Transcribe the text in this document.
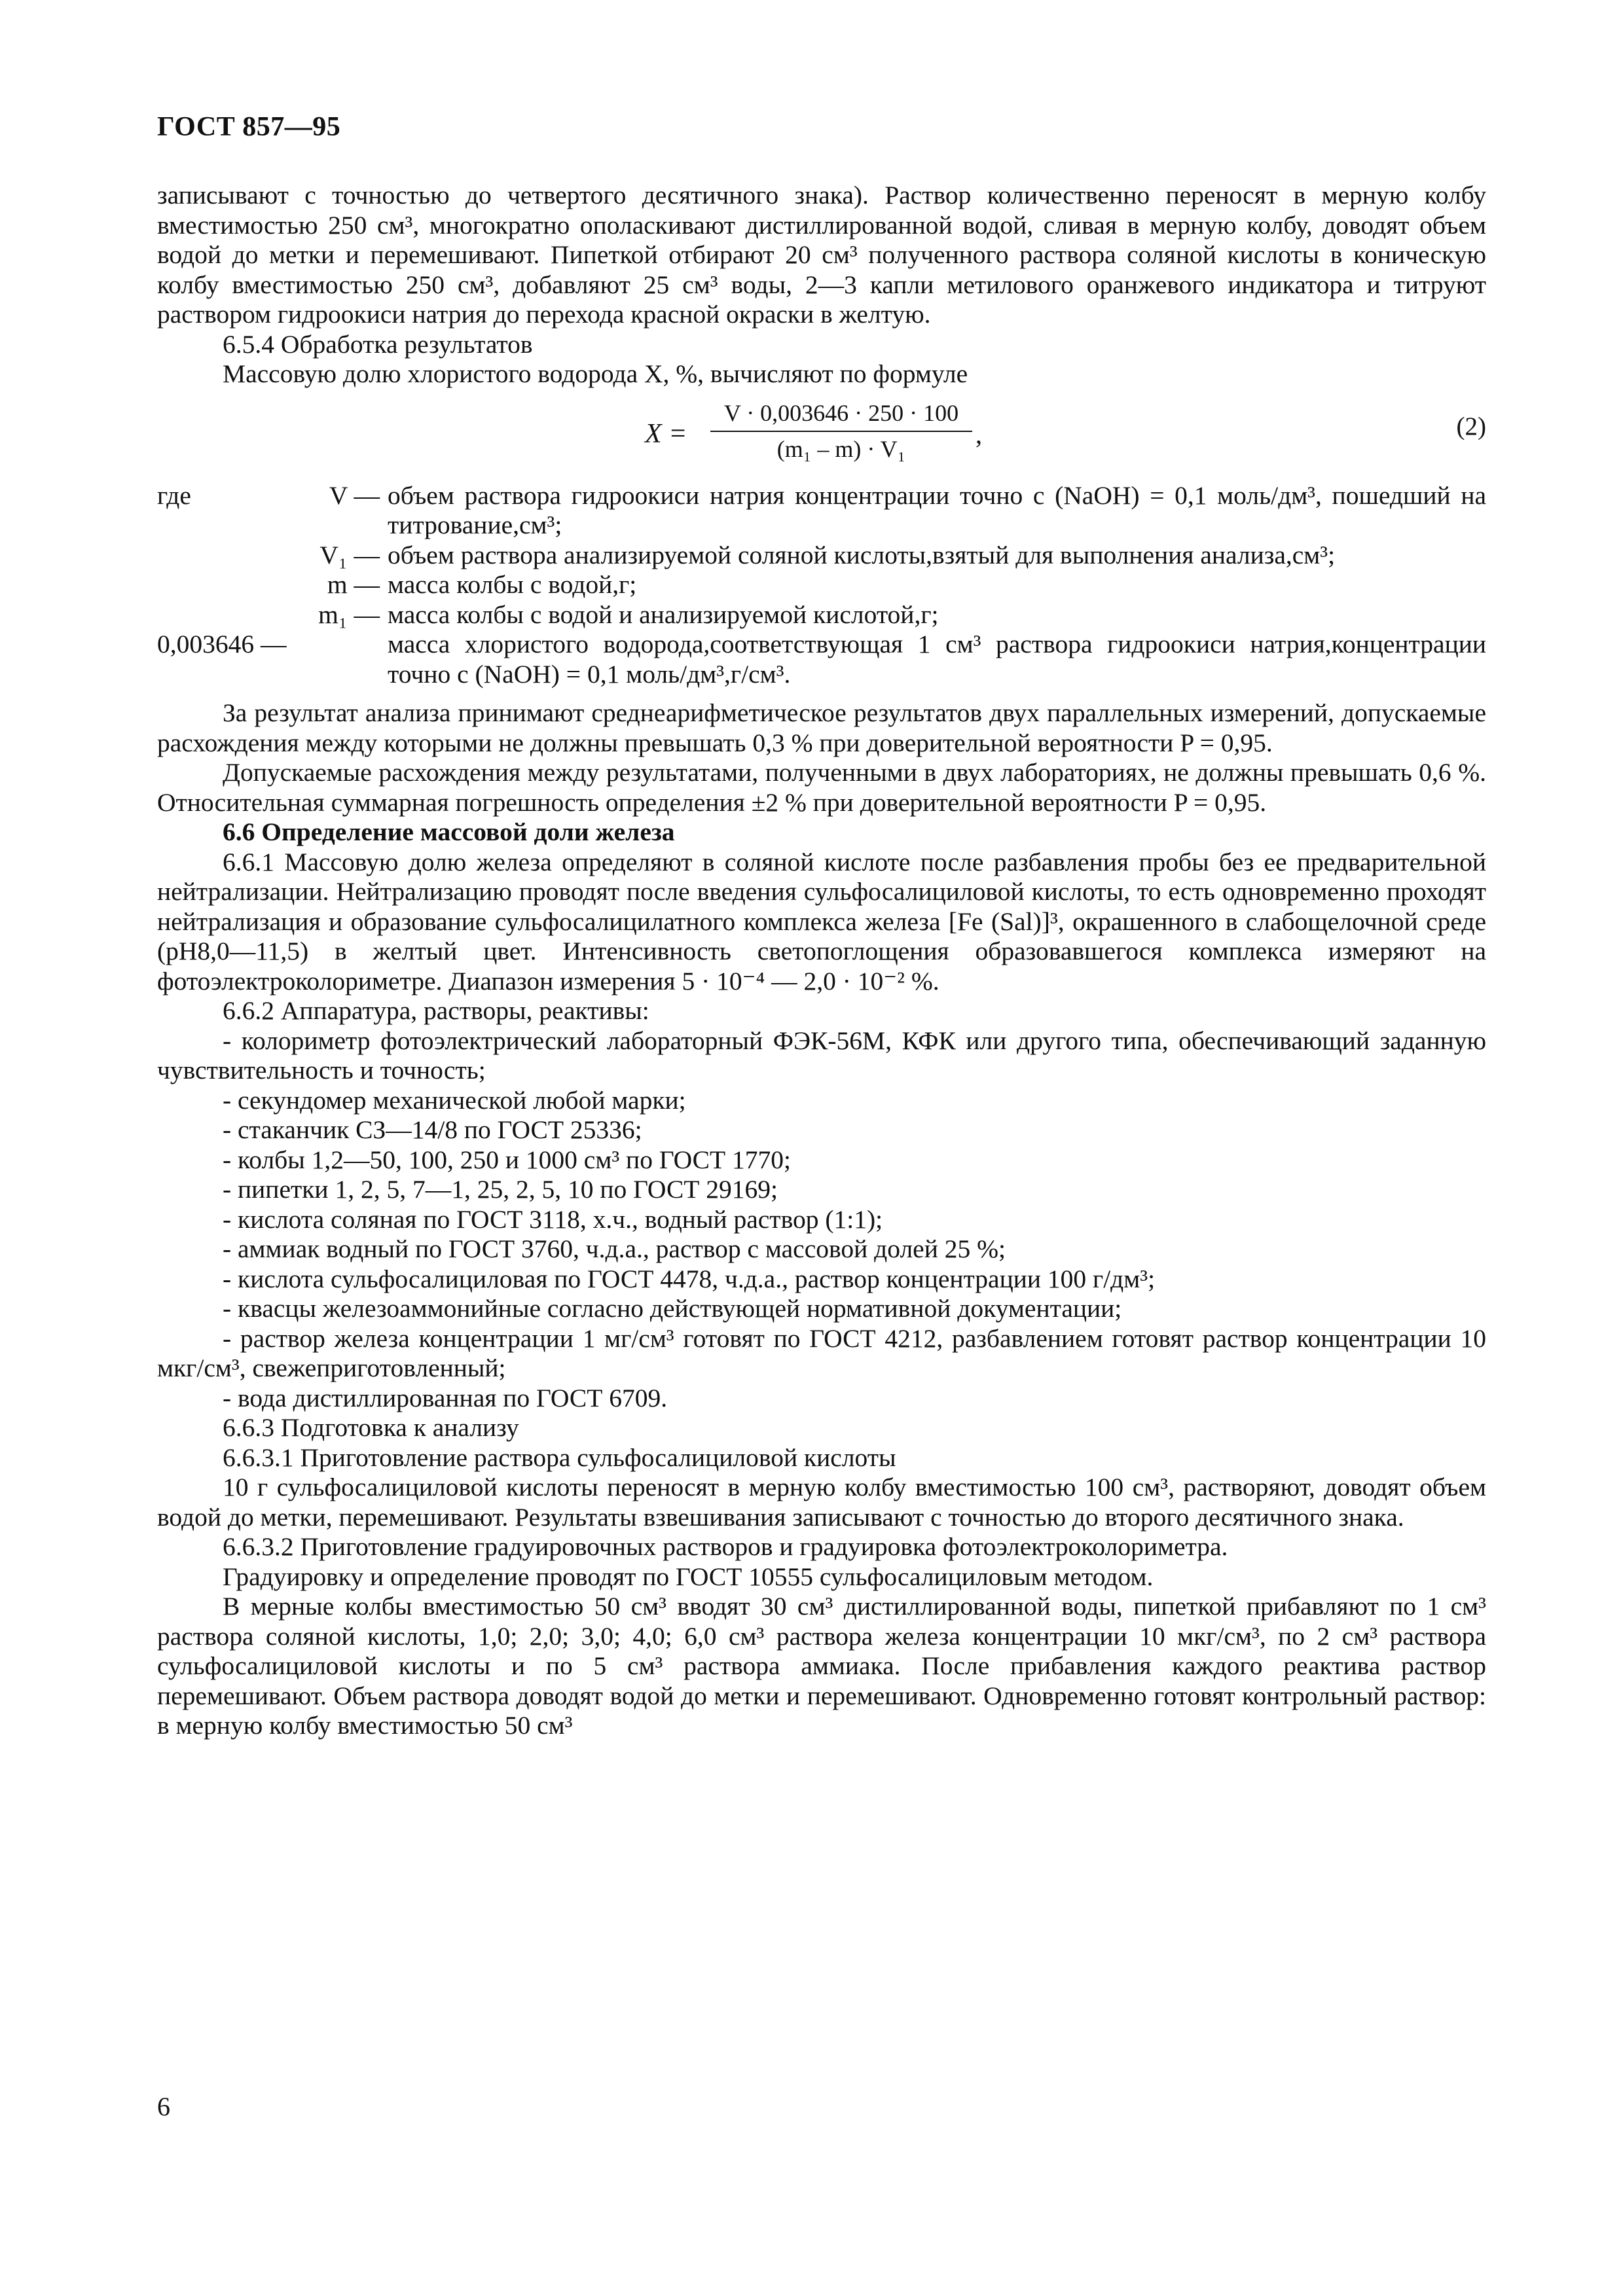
ГОСТ 857—95

записывают с точностью до четвертого десятичного знака). Раствор количественно переносят в мерную колбу вместимостью 250 см³, многократно ополаскивают дистиллированной водой, сливая в мерную колбу, доводят объем водой до метки и перемешивают. Пипеткой отбирают 20 см³ полученного раствора соляной кислоты в коническую колбу вместимостью 250 см³, добавляют 25 см³ воды, 2—3 капли метилового оранжевого индикатора и титруют раствором гидроокиси натрия до перехода красной окраски в желтую.

6.5.4 Обработка результатов

Массовую долю хлористого водорода X, %, вычисляют по формуле

$X = \frac{V \cdot 0,003646 \cdot 250 \cdot 100}{\text{(m₁ – m) · V₁}}$ ,	(2)
где	V —	объем раствора гидроокиси натрия концентрации точно c (NaOH) = 0,1 моль/дм³, пошедший на титрование,см³;
	V₁ —	объем раствора анализируемой соляной кислоты,взятый для выполнения анализа,см³;
	m —	масса колбы с водой,г;
	m₁ —	масса колбы с водой и анализируемой кислотой,г;
0,003646 —		масса хлористого водорода,соответствующая 1 см³ раствора гидроокиси натрия,концентрации точно c (NaOH) = 0,1 моль/дм³,г/см³.

За результат анализа принимают среднеарифметическое результатов двух параллельных измерений, допускаемые расхождения между которыми не должны превышать 0,3 % при доверительной вероятности P = 0,95.

Допускаемые расхождения между результатами, полученными в двух лабораториях, не должны превышать 0,6 %. Относительная суммарная погрешность определения ±2 % при доверительной вероятности P = 0,95.

6.6 Определение массовой доли железа

6.6.1 Массовую долю железа определяют в соляной кислоте после разбавления пробы без ее предварительной нейтрализации. Нейтрализацию проводят после введения сульфосалициловой кислоты, то есть одновременно проходят нейтрализация и образование сульфосалицилатного комплекса железа [Fe (Sal)]³, окрашенного в слабощелочной среде (pH8,0—11,5) в желтый цвет. Интенсивность светопоглощения образовавшегося комплекса измеряют на фотоэлектроколориметре. Диапазон измерения 5 · 10⁻⁴ — 2,0 · 10⁻² %.

6.6.2 Аппаратура, растворы, реактивы:

- колориметр фотоэлектрический лабораторный ФЭК-56М, КФК или другого типа, обеспечивающий заданную чувствительность и точность;

- секундомер механической любой марки;

- стаканчик СЗ—14/8 по ГОСТ 25336;

- колбы 1,2—50, 100, 250 и 1000 см³ по ГОСТ 1770;

- пипетки 1, 2, 5, 7—1, 25, 2, 5, 10 по ГОСТ 29169;

- кислота соляная по ГОСТ 3118, х.ч., водный раствор (1:1);

- аммиак водный по ГОСТ 3760, ч.д.а., раствор с массовой долей 25 %;

- кислота сульфосалициловая по ГОСТ 4478, ч.д.а., раствор концентрации 100 г/дм³;

- квасцы железоаммонийные согласно действующей нормативной документации;

- раствор железа концентрации 1 мг/см³ готовят по ГОСТ 4212, разбавлением готовят раствор концентрации 10 мкг/см³, свежеприготовленный;

- вода дистиллированная по ГОСТ 6709.

6.6.3 Подготовка к анализу

6.6.3.1 Приготовление раствора сульфосалициловой кислоты

10 г сульфосалициловой кислоты переносят в мерную колбу вместимостью 100 см³, растворяют, доводят объем водой до метки, перемешивают. Результаты взвешивания записывают с точностью до второго десятичного знака.

6.6.3.2 Приготовление градуировочных растворов и градуировка фотоэлектроколориметра.

Градуировку и определение проводят по ГОСТ 10555 сульфосалициловым методом.

В мерные колбы вместимостью 50 см³ вводят 30 см³ дистиллированной воды, пипеткой прибавляют по 1 см³ раствора соляной кислоты, 1,0; 2,0; 3,0; 4,0; 6,0 см³ раствора железа концентрации 10 мкг/см³, по 2 см³ раствора сульфосалициловой кислоты и по 5 см³ раствора аммиака. После прибавления каждого реактива раствор перемешивают. Объем раствора доводят водой до метки и перемешивают. Одновременно готовят контрольный раствор: в мерную колбу вместимостью 50 см³

6
